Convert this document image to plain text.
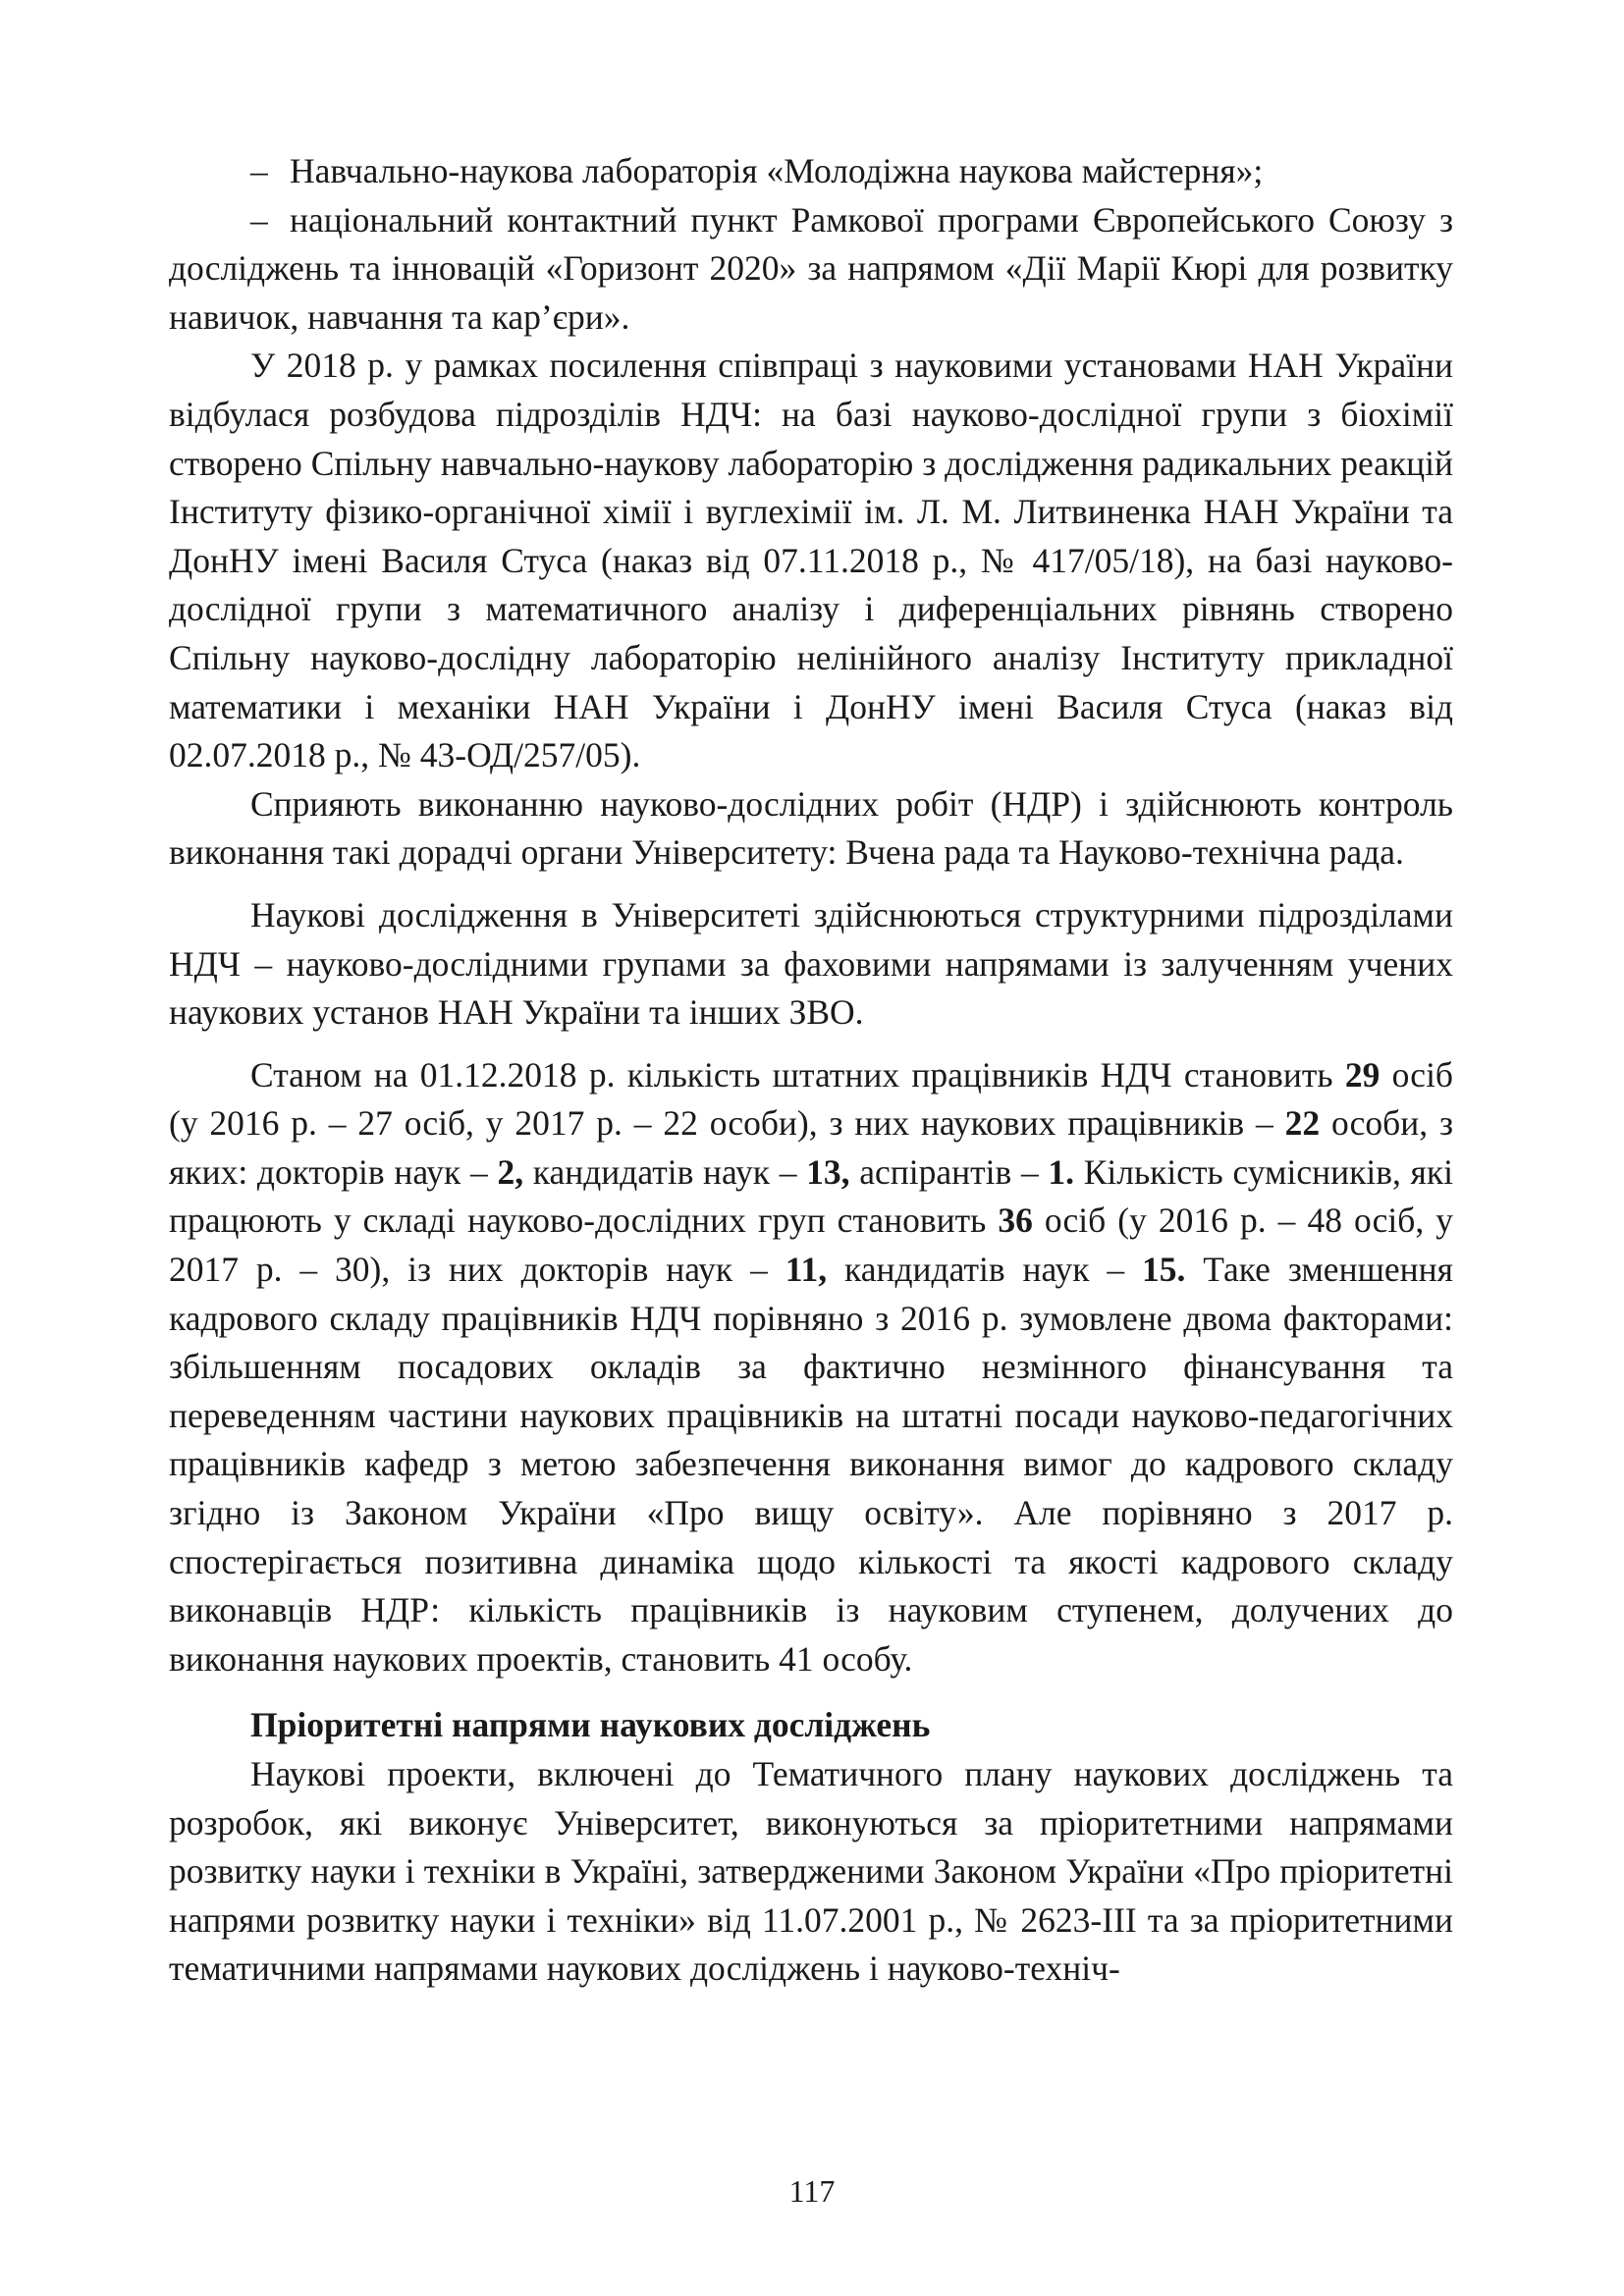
– Навчально-наукова лабораторія «Молодіжна наукова майстерня»;

– національний контактний пункт Рамкової програми Європейського Союзу з досліджень та інновацій «Горизонт 2020» за напрямом «Дії Марії Кюрі для розвитку навичок, навчання та кар’єри».

У 2018 р. у рамках посилення співпраці з науковими установами НАН України відбулася розбудова підрозділів НДЧ: на базі науково-дослідної групи з біохімії створено Спільну навчально-наукову лабораторію з дослідження радикальних реакцій Інституту фізико-органічної хімії і вуглехімії ім. Л. М. Литвиненка НАН України та ДонНУ імені Василя Стуса (наказ від 07.11.2018 р., № 417/05/18), на базі науково-дослідної групи з математичного аналізу і диференціальних рівнянь створено Спільну науково-дослідну лабораторію нелінійного аналізу Інституту прикладної математики і механіки НАН України і ДонНУ імені Василя Стуса (наказ від 02.07.2018 р., № 43-ОД/257/05).

Сприяють виконанню науково-дослідних робіт (НДР) і здійснюють контроль виконання такі дорадчі органи Університету: Вчена рада та Науково-технічна рада.

Наукові дослідження в Університеті здійснюються структурними підрозділами НДЧ – науково-дослідними групами за фаховими напрямами із залученням учених наукових установ НАН України та інших ЗВО.

Станом на 01.12.2018 р. кількість штатних працівників НДЧ становить 29 осіб (у 2016 р. – 27 осіб, у 2017 р. – 22 особи), з них наукових працівників – 22 особи, з яких: докторів наук – 2, кандидатів наук – 13, аспірантів – 1. Кількість сумісників, які працюють у складі науково-дослідних груп становить 36 осіб (у 2016 р. – 48 осіб, у 2017 р. – 30), із них докторів наук – 11, кандидатів наук – 15. Таке зменшення кадрового складу працівників НДЧ порівняно з 2016 р. зумовлене двома факторами: збільшенням посадових окладів за фактично незмінного фінансування та переведенням частини наукових працівників на штатні посади науково-педагогічних працівників кафедр з метою забезпечення виконання вимог до кадрового складу згідно із Законом України «Про вищу освіту». Але порівняно з 2017 р. спостерігається позитивна динаміка щодо кількості та якості кадрового складу виконавців НДР: кількість працівників із науковим ступенем, долучених до виконання наукових проектів, становить 41 особу.

Пріоритетні напрями наукових досліджень

Наукові проекти, включені до Тематичного плану наукових досліджень та розробок, які виконує Університет, виконуються за пріоритетними напрямами розвитку науки і техніки в Україні, затвердженими Законом України «Про пріоритетні напрями розвитку науки і техніки» від 11.07.2001 р., № 2623-ІІІ та за пріоритетними тематичними напрямами наукових досліджень і науково-техніч-

117
